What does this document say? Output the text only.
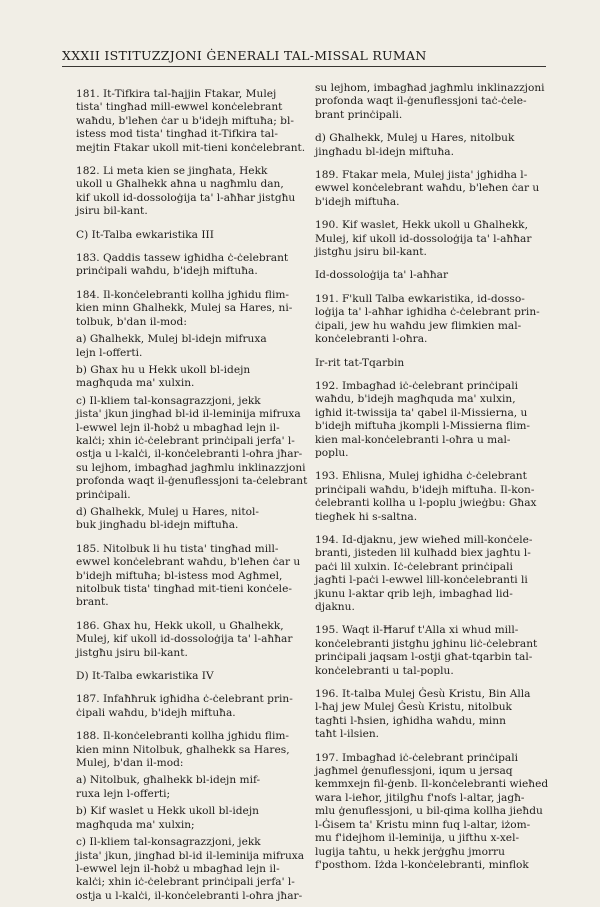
XXXII ISTITUZZJONI ĠENERALI TAL-MISSAL RUMAN
181. It-Tifkira tal-ħajjin Ftakar, Mulej
tista' tingħad mill-ewwel konċelebrant
waħdu, b'leħen ċar u b'idejh miftuħa; bl-
istess mod tista' tingħad it-Tifkira tal-
mejtin Ftakar ukoll mit-tieni konċelebrant.
182. Li meta kien se jingħata, Hekk
ukoll u Għalhekk aħna u nagħmlu dan,
kif ukoll id-dossoloġija ta' l-aħħar jistgħu
jsiru bil-kant.
C) It-Talba ewkaristika III
183. Qaddis tassew igħidha ċ-ċelebrant
prinċipali waħdu, b'idejh miftuħa.
184. Il-konċelebranti kollha jgħidu flim-
kien minn Għalhekk, Mulej sa Hares, ni-
tolbuk, b'dan il-mod:
a) Għalhekk, Mulej bl-idejn mifruxa
lejn l-offerti.
b) Għax hu u Hekk ukoll bl-idejn
magħquda ma' xulxin.
c) Il-kliem tal-konsagrazzjoni, jekk
jista' jkun jingħad bl-id il-leminija mifruxa
l-ewwel lejn il-ħobż u mbagħad lejn il-
kalċi; xhin iċ-ċelebrant prinċipali jerfa' l-
ostja u l-kalċi, il-konċelebranti l-oħra jħar-
su lejhom, imbagħad jagħmlu inklinazzjoni
profonda waqt il-ġenuflessjoni ta-ċelebrant
prinċipali.
d) Għalhekk, Mulej u Hares, nitol-
buk jingħadu bl-idejn miftuħa.
185. Nitolbuk li hu tista' tingħad mill-
ewwel konċelebrant waħdu, b'leħen ċar u
b'idejh miftuħa; bl-istess mod Agħmel,
nitolbuk tista' tingħad mit-tieni konċele-
brant.
186. Għax hu, Hekk ukoll, u Għalhekk,
Mulej, kif ukoll id-dossoloġija ta' l-aħħar
jistgħu jsiru bil-kant.
D) It-Talba ewkaristika IV
187. Infaħħruk igħidha ċ-ċelebrant prin-
ċipali waħdu, b'idejh miftuħa.
188. Il-konċelebranti kollha jgħidu flim-
kien minn Nitolbuk, għalhekk sa Hares,
Mulej, b'dan il-mod:
a) Nitolbuk, għalhekk bl-idejn mif-
ruxa lejn l-offerti;
b) Kif waslet u Hekk ukoll bl-idejn
magħquda ma' xulxin;
c) Il-kliem tal-konsagrazzjoni, jekk
jista' jkun, jingħad bl-id il-leminija mifruxa
l-ewwel lejn il-ħobż u mbagħad lejn il-
kalċi; xhin iċ-ċelebrant prinċipali jerfa' l-
ostja u l-kalċi, il-konċelebranti l-oħra jħar-
su lejhom, imbagħad jagħmlu inklinazzjoni
profonda waqt il-ġenuflessjoni taċ-ċele-
brant prinċipali.
d) Għalhekk, Mulej u Hares, nitolbuk
jingħadu bl-idejn miftuħa.
189. Ftakar mela, Mulej jista' jgħidha l-
ewwel konċelebrant waħdu, b'leħen ċar u
b'idejh miftuħa.
190. Kif waslet, Hekk ukoll u Għalhekk,
Mulej, kif ukoll id-dossoloġija ta' l-aħħar
jistgħu jsiru bil-kant.
Id-dossoloġija ta' l-aħħar
191. F'kull Talba ewkaristika, id-dosso-
loġija ta' l-aħħar igħidha ċ-ċelebrant prin-
ċipali, jew hu waħdu jew flimkien mal-
konċelebranti l-oħra.
Ir-rit tat-Tqarbin
192. Imbagħad iċ-ċelebrant prinċipali
waħdu, b'idejh magħquda ma' xulxin,
igħid it-twissija ta' qabel il-Missierna, u
b'idejh miftuħa jkompli l-Missierna flim-
kien mal-konċelebranti l-oħra u mal-
poplu.
193. Eħlisna, Mulej igħidha ċ-ċelebrant
prinċipali waħdu, b'idejh miftuħa. Il-kon-
ċelebranti kollha u l-poplu jwieġbu: Għax
tiegħek hi s-saltna.
194. Id-djaknu, jew wieħed mill-konċele-
branti, jisteden lil kulħadd biex jagħtu l-
paċi lil xulxin. Iċ-ċelebrant prinċipali
jagħti l-paċi l-ewwel lill-konċelebranti li
jkunu l-aktar qrib lejh, imbagħad lid-
djaknu.
195. Waqt il-Ħaruf t'Alla xi whud mill-
konċelebranti jistgħu jgħinu liċ-ċelebrant
prinċipali jaqsam l-ostji għat-tqarbin tal-
konċelebranti u tal-poplu.
196. It-talba Mulej Ġesù Kristu, Bin Alla
l-ħaj jew Mulej Ġesù Kristu, nitolbuk
tagħti l-ħsien, igħidha waħdu, minn
taħt l-ilsien.
197. Imbagħad iċ-ċelebrant prinċipali
jagħmel ġenuflessjoni, iqum u jersaq
kemmxejn fil-ġenb. Il-konċelebranti wieħed
wara l-ieħor, jitilgħu f'nofs l-altar, jagħ-
mlu ġenuflessjoni, u bil-qima kollha jieħdu
l-Ġisem ta' Kristu minn fuq l-altar, iżom-
mu f'idejhom il-leminija, u jifthu x-xel-
lugija taħtu, u hekk jerġgħu jmorru
f'posthom. Iżda l-konċelebranti, minflok
